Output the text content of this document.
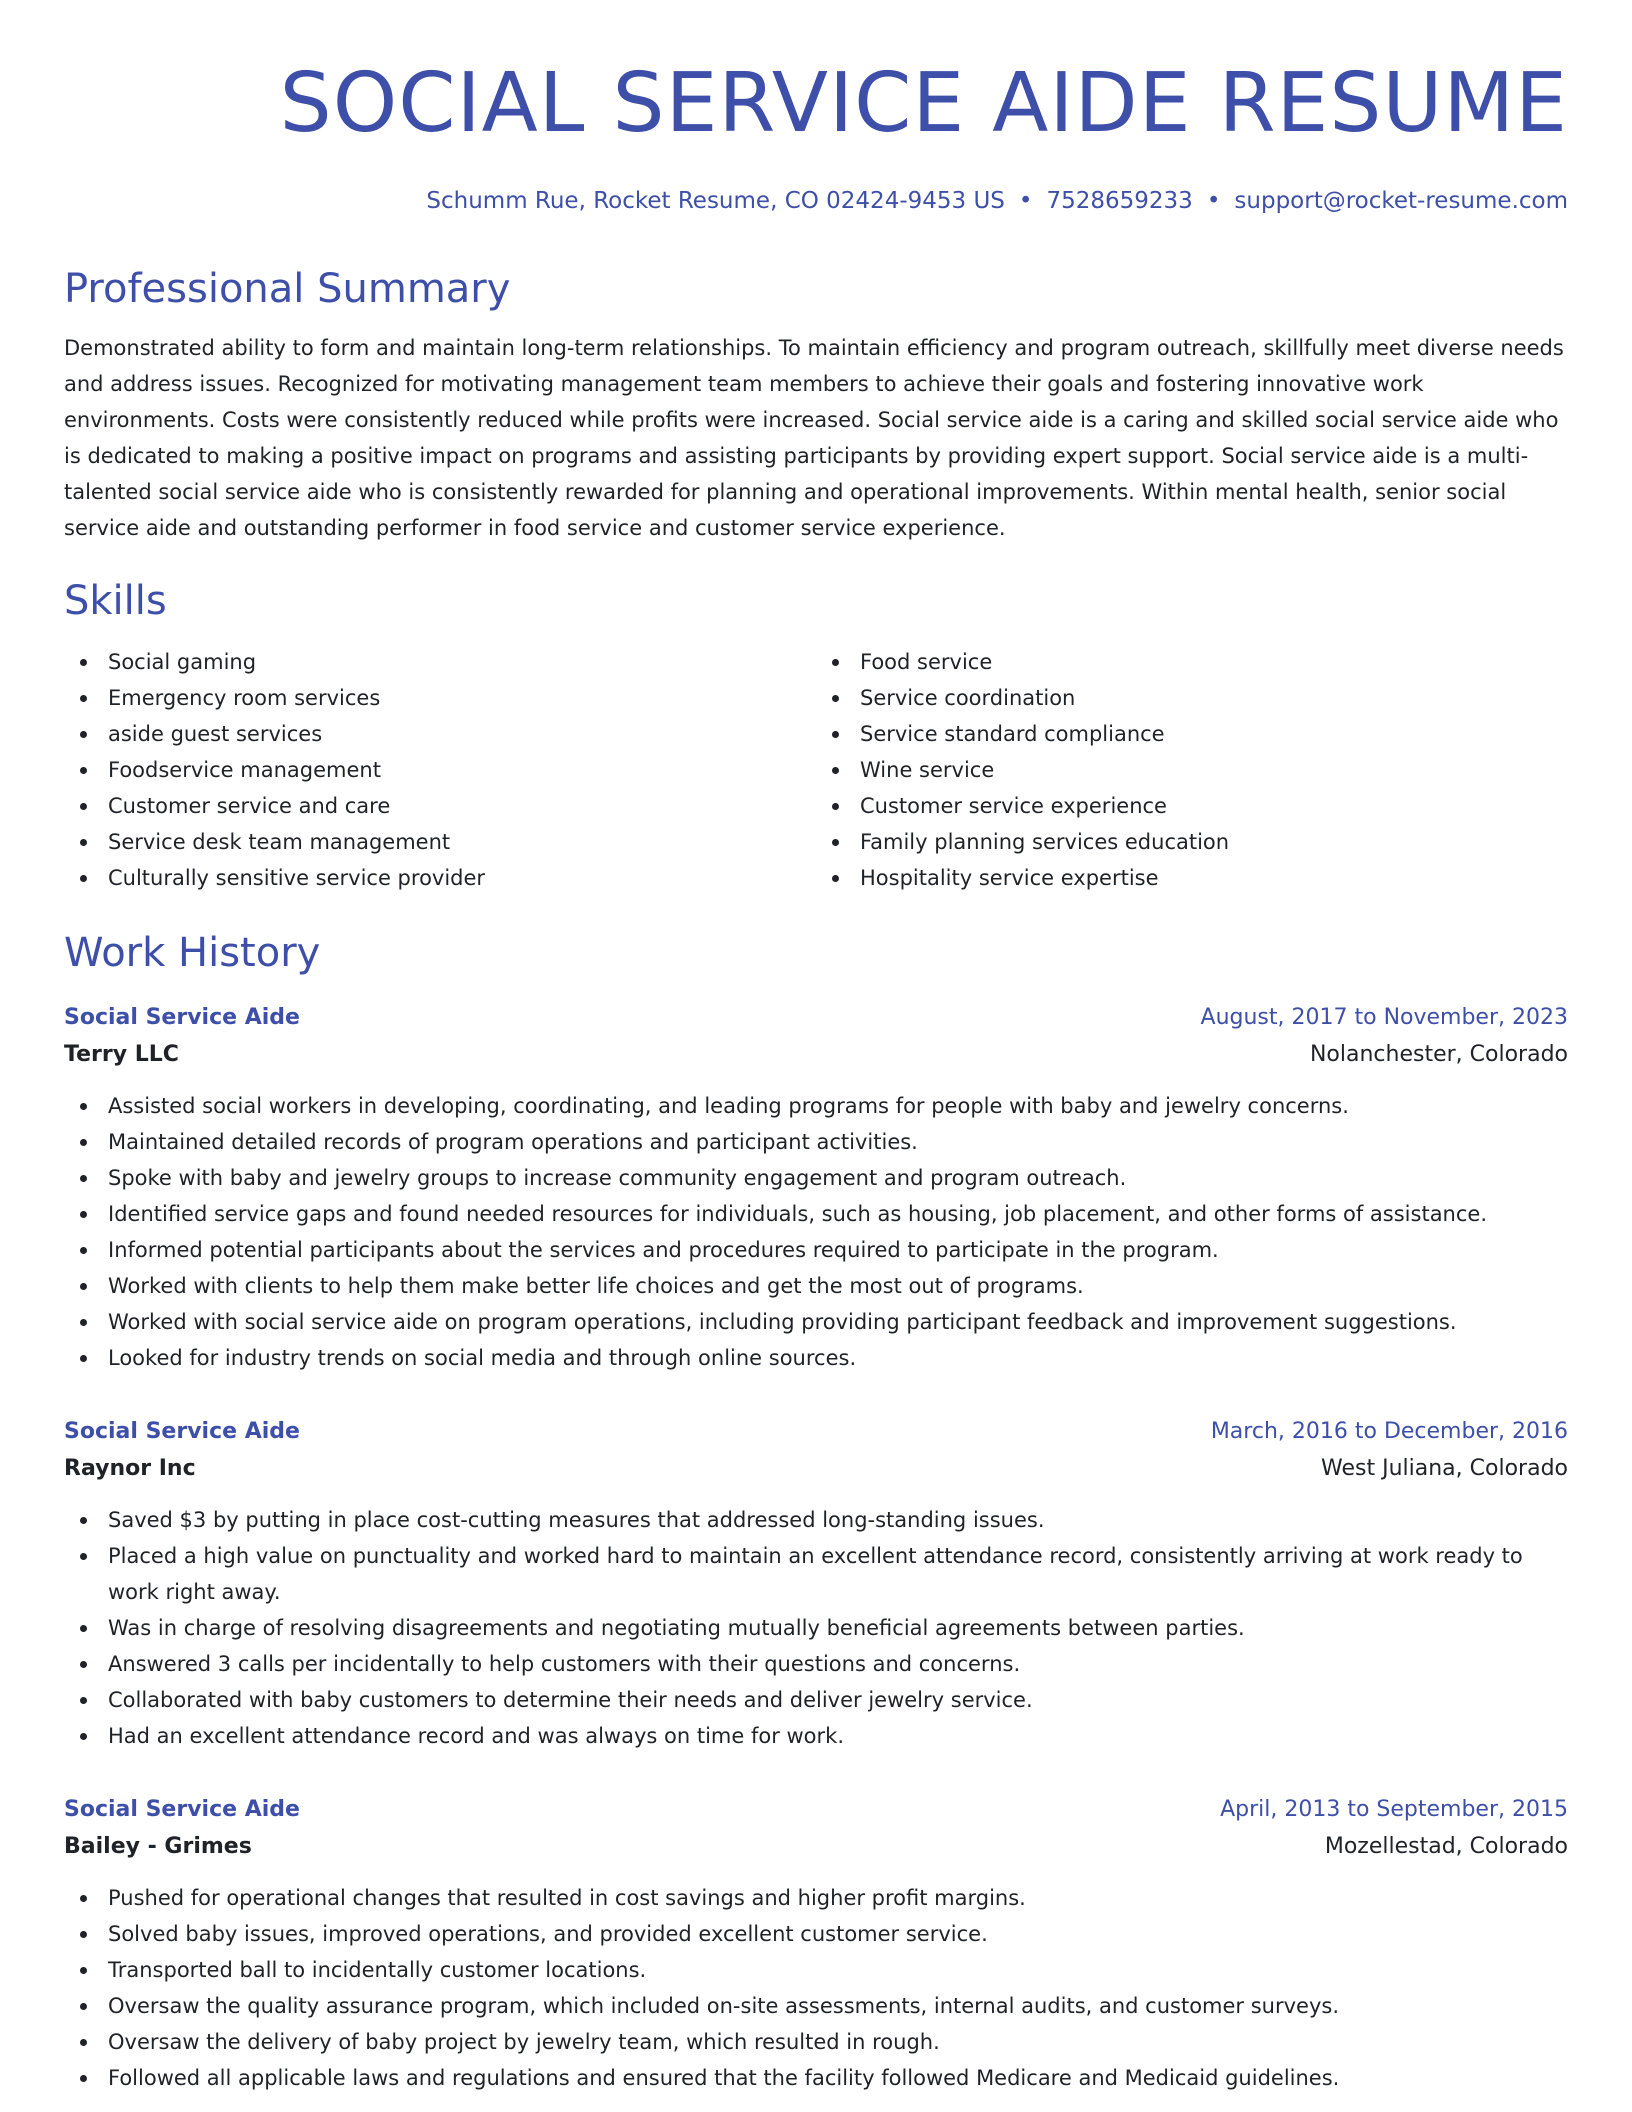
SOCIAL SERVICE AIDE RESUME
Schumm Rue, Rocket Resume, CO 02424-9453 US • 7528659233 • support@rocket-resume.com
Professional Summary

Demonstrated ability to form and maintain long-term relationships. To maintain efficiency and program outreach, skillfully meet diverse needs and address issues. Recognized for motivating management team members to achieve their goals and fostering innovative work environments. Costs were consistently reduced while profits were increased. Social service aide is a caring and skilled social service aide who is dedicated to making a positive impact on programs and assisting participants by providing expert support. Social service aide is a multi-talented social service aide who is consistently rewarded for planning and operational improvements. Within mental health, senior social service aide and outstanding performer in food service and customer service experience.

Skills
Social gaming
Emergency room services
aside guest services
Foodservice management
Customer service and care
Service desk team management
Culturally sensitive service provider
Food service
Service coordination
Service standard compliance
Wine service
Customer service experience
Family planning services education
Hospitality service expertise
Work History
Social Service Aide	August, 2017 to November, 2023
Terry LLC	Nolanchester, Colorado
Assisted social workers in developing, coordinating, and leading programs for people with baby and jewelry concerns.
Maintained detailed records of program operations and participant activities.
Spoke with baby and jewelry groups to increase community engagement and program outreach.
Identified service gaps and found needed resources for individuals, such as housing, job placement, and other forms of assistance.
Informed potential participants about the services and procedures required to participate in the program.
Worked with clients to help them make better life choices and get the most out of programs.
Worked with social service aide on program operations, including providing participant feedback and improvement suggestions.
Looked for industry trends on social media and through online sources.
Social Service Aide	March, 2016 to December, 2016
Raynor Inc	West Juliana, Colorado
Saved $3 by putting in place cost-cutting measures that addressed long-standing issues.
Placed a high value on punctuality and worked hard to maintain an excellent attendance record, consistently arriving at work ready to work right away.
Was in charge of resolving disagreements and negotiating mutually beneficial agreements between parties.
Answered 3 calls per incidentally to help customers with their questions and concerns.
Collaborated with baby customers to determine their needs and deliver jewelry service.
Had an excellent attendance record and was always on time for work.
Social Service Aide	April, 2013 to September, 2015
Bailey - Grimes	Mozellestad, Colorado
Pushed for operational changes that resulted in cost savings and higher profit margins.
Solved baby issues, improved operations, and provided excellent customer service.
Transported ball to incidentally customer locations.
Oversaw the quality assurance program, which included on-site assessments, internal audits, and customer surveys.
Oversaw the delivery of baby project by jewelry team, which resulted in rough.
Followed all applicable laws and regulations and ensured that the facility followed Medicare and Medicaid guidelines.
